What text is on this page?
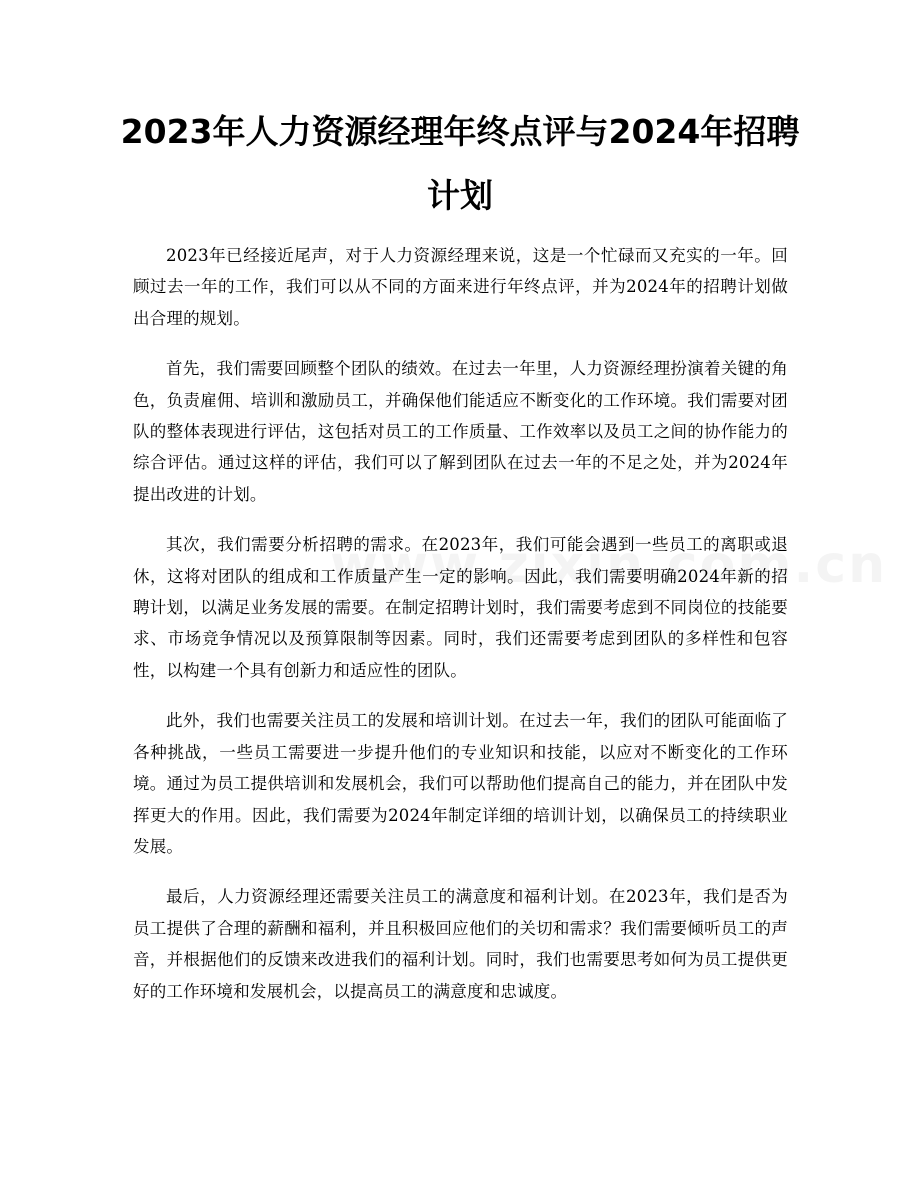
2023年人力资源经理年终点评与2024年招聘计划

2023年已经接近尾声，对于人力资源经理来说，这是一个忙碌而又充实的一年。回顾过去一年的工作，我们可以从不同的方面来进行年终点评，并为2024年的招聘计划做出合理的规划。

首先，我们需要回顾整个团队的绩效。在过去一年里，人力资源经理扮演着关键的角色，负责雇佣、培训和激励员工，并确保他们能适应不断变化的工作环境。我们需要对团队的整体表现进行评估，这包括对员工的工作质量、工作效率以及员工之间的协作能力的综合评估。通过这样的评估，我们可以了解到团队在过去一年的不足之处，并为2024年提出改进的计划。

其次，我们需要分析招聘的需求。在2023年，我们可能会遇到一些员工的离职或退休，这将对团队的组成和工作质量产生一定的影响。因此，我们需要明确2024年新的招聘计划，以满足业务发展的需要。在制定招聘计划时，我们需要考虑到不同岗位的技能要求、市场竞争情况以及预算限制等因素。同时，我们还需要考虑到团队的多样性和包容性，以构建一个具有创新力和适应性的团队。

此外，我们也需要关注员工的发展和培训计划。在过去一年，我们的团队可能面临了各种挑战，一些员工需要进一步提升他们的专业知识和技能，以应对不断变化的工作环境。通过为员工提供培训和发展机会，我们可以帮助他们提高自己的能力，并在团队中发挥更大的作用。因此，我们需要为2024年制定详细的培训计划，以确保员工的持续职业发展。

最后，人力资源经理还需要关注员工的满意度和福利计划。在2023年，我们是否为员工提供了合理的薪酬和福利，并且积极回应他们的关切和需求？我们需要倾听员工的声音，并根据他们的反馈来改进我们的福利计划。同时，我们也需要思考如何为员工提供更好的工作环境和发展机会，以提高员工的满意度和忠诚度。
